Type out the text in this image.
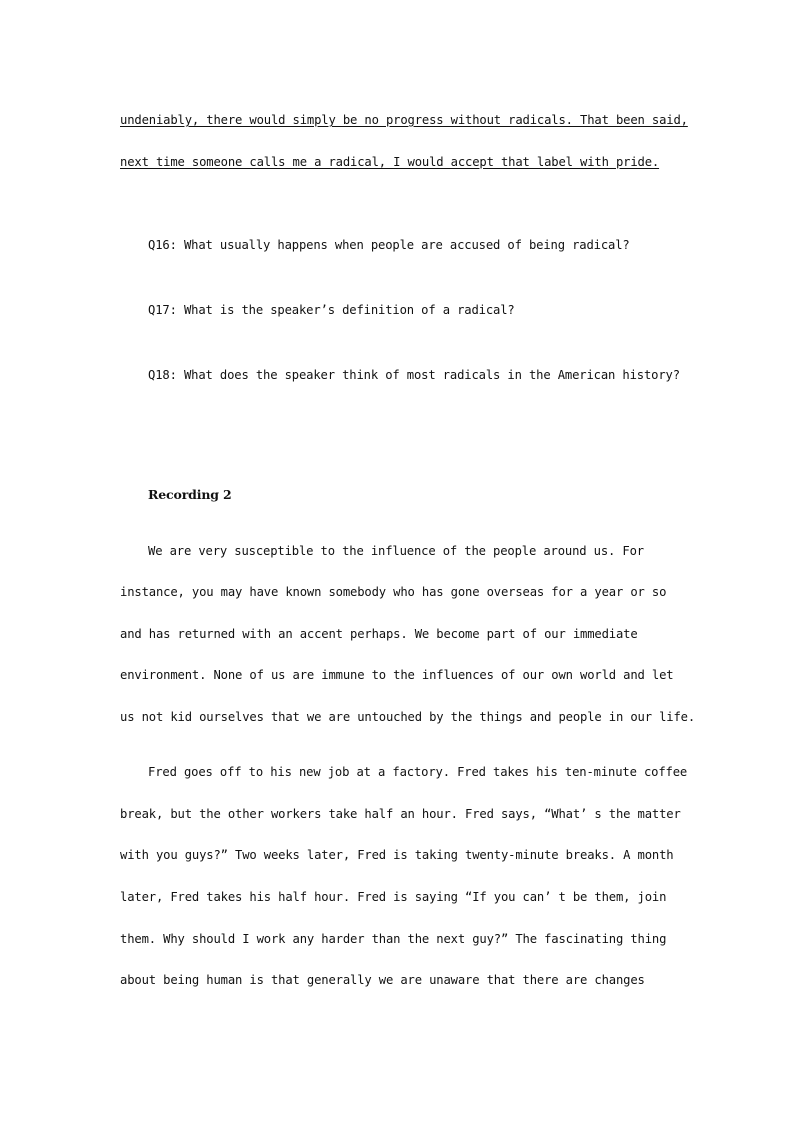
undeniably, there would simply be no progress without radicals. That been said,
next time someone calls me a radical, I would accept that label with pride.
Q16: What usually happens when people are accused of being radical?
Q17: What is the speaker’s definition of a radical?
Q18: What does the speaker think of most radicals in the American history?
Recording 2
We are very susceptible to the influence of the people around us. For
instance, you may have known somebody who has gone overseas for a year or so
and has returned with an accent perhaps. We become part of our immediate
environment. None of us are immune to the influences of our own world and let
us not kid ourselves that we are untouched by the things and people in our life.
Fred goes off to his new job at a factory. Fred takes his ten-minute coffee
break, but the other workers take half an hour. Fred says, “What’ s the matter
with you guys?” Two weeks later, Fred is taking twenty-minute breaks. A month
later, Fred takes his half hour. Fred is saying “If you can’ t be them, join
them. Why should I work any harder than the next guy?” The fascinating thing
about being human is that generally we are unaware that there are changes
